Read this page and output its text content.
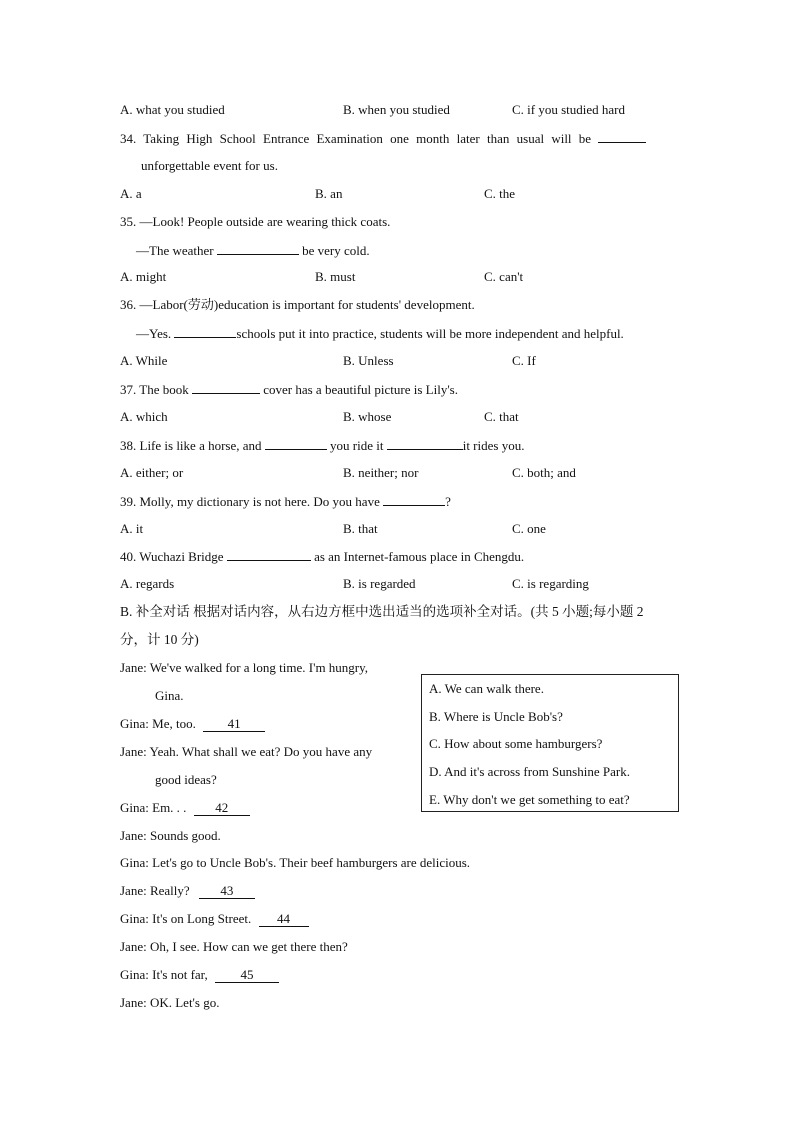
A. what you studied	B. when you studied	C. if you studied hard
34. Taking High School Entrance Examination one month later than usual will be
unforgettable event for us.
A. a	B. an	C. the
35. —Look! People outside are wearing thick coats.
—The weather	be very cold.
A. might	B. must	C. can't
36. —Labor(劳动)education is important for students' development.
—Yes.	schools put it into practice, students will be more independent and helpful.
A. While	B. Unless	C. If
37. The book	cover has a beautiful picture is Lily's.
A. which	B. whose	C. that
38. Life is like a horse, and	you ride it	it rides you.
A. either; or	B. neither; nor	C. both; and
39. Molly, my dictionary is not here. Do you have	?
A. it	B. that	C. one
40. Wuchazi Bridge	as an Internet-famous place in Chengdu.
A. regards	B. is regarded	C. is regarding
B. 补全对话 根据对话内容，从右边方框中选出适当的选项补全对话。(共 5 小题;每小题 2
分，计 10 分)
Jane: We've walked for a long time. I'm hungry,
Gina.
Gina: Me, too. 41
Jane: Yeah. What shall we eat? Do you have any
good ideas?
Gina: Em. . . 42
Jane: Sounds good.
Gina: Let's go to Uncle Bob's. Their beef hamburgers are delicious.
Jane: Really? 43
Gina: It's on Long Street. 44
Jane: Oh, I see. How can we get there then?
Gina: It's not far,	45
Jane: OK. Let's go.
A. We can walk there.
B. Where is Uncle Bob's?
C. How about some hamburgers?
D. And it's across from Sunshine Park.
E. Why don't we get something to eat?
